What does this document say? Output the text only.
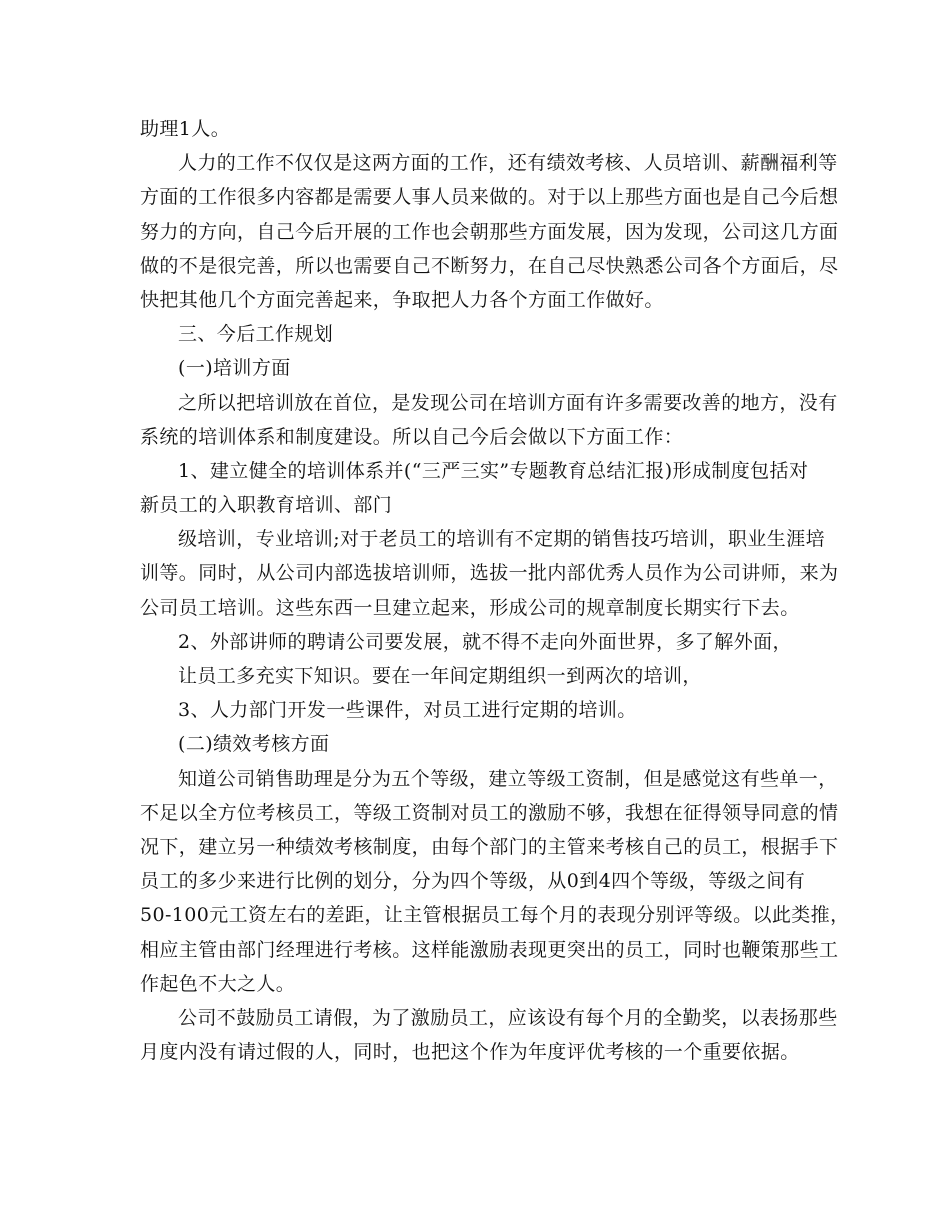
助理1人。
人力的工作不仅仅是这两方面的工作，还有绩效考核、人员培训、薪酬福利等
方面的工作很多内容都是需要人事人员来做的。对于以上那些方面也是自己今后想
努力的方向，自己今后开展的工作也会朝那些方面发展，因为发现，公司这几方面
做的不是很完善，所以也需要自己不断努力，在自己尽快熟悉公司各个方面后，尽
快把其他几个方面完善起来，争取把人力各个方面工作做好。
三、今后工作规划
(一)培训方面
之所以把培训放在首位，是发现公司在培训方面有许多需要改善的地方，没有
系统的培训体系和制度建设。所以自己今后会做以下方面工作：
1、建立健全的培训体系并(“三严三实”专题教育总结汇报)形成制度包括对
新员工的入职教育培训、部门
级培训，专业培训;对于老员工的培训有不定期的销售技巧培训，职业生涯培
训等。同时，从公司内部选拔培训师，选拔一批内部优秀人员作为公司讲师，来为
公司员工培训。这些东西一旦建立起来，形成公司的规章制度长期实行下去。
2、外部讲师的聘请公司要发展，就不得不走向外面世界，多了解外面，
让员工多充实下知识。要在一年间定期组织一到两次的培训，
3、人力部门开发一些课件，对员工进行定期的培训。
(二)绩效考核方面
知道公司销售助理是分为五个等级，建立等级工资制，但是感觉这有些单一，
不足以全方位考核员工，等级工资制对员工的激励不够，我想在征得领导同意的情
况下，建立另一种绩效考核制度，由每个部门的主管来考核自己的员工，根据手下
员工的多少来进行比例的划分，分为四个等级，从0到4四个等级，等级之间有
50-100元工资左右的差距，让主管根据员工每个月的表现分别评等级。以此类推，
相应主管由部门经理进行考核。这样能激励表现更突出的员工，同时也鞭策那些工
作起色不大之人。
公司不鼓励员工请假，为了激励员工，应该设有每个月的全勤奖，以表扬那些
月度内没有请过假的人，同时，也把这个作为年度评优考核的一个重要依据。
